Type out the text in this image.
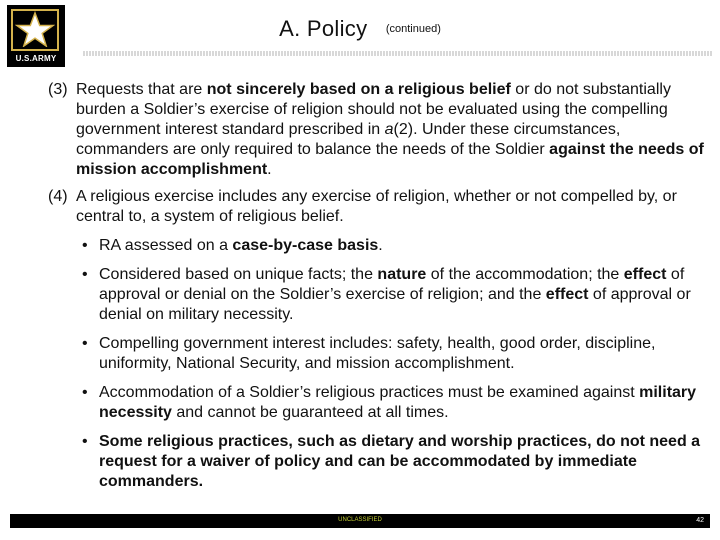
U.S.ARMY
A. Policy $^{(continued)}$
(3) Requests that are not sincerely based on a religious belief or do not substantially burden a Soldier’s exercise of religion should not be evaluated using the compelling government interest standard prescribed in a(2). Under these circumstances, commanders are only required to balance the needs of the Soldier against the needs of mission accomplishment.
(4) A religious exercise includes any exercise of religion, whether or not compelled by, or central to, a system of religious belief.
• RA assessed on a case-by-case basis.
• Considered based on unique facts; the nature of the accommodation; the effect of approval or denial on the Soldier’s exercise of religion; and the effect of approval or denial on military necessity.
• Compelling government interest includes: safety, health, good order, discipline, uniformity, National Security, and mission accomplishment.
• Accommodation of a Soldier’s religious practices must be examined against military necessity and cannot be guaranteed at all times.
• Some religious practices, such as dietary and worship practices, do not need a request for a waiver of policy and can be accommodated by immediate commanders.
UNCLASSIFIED	42
